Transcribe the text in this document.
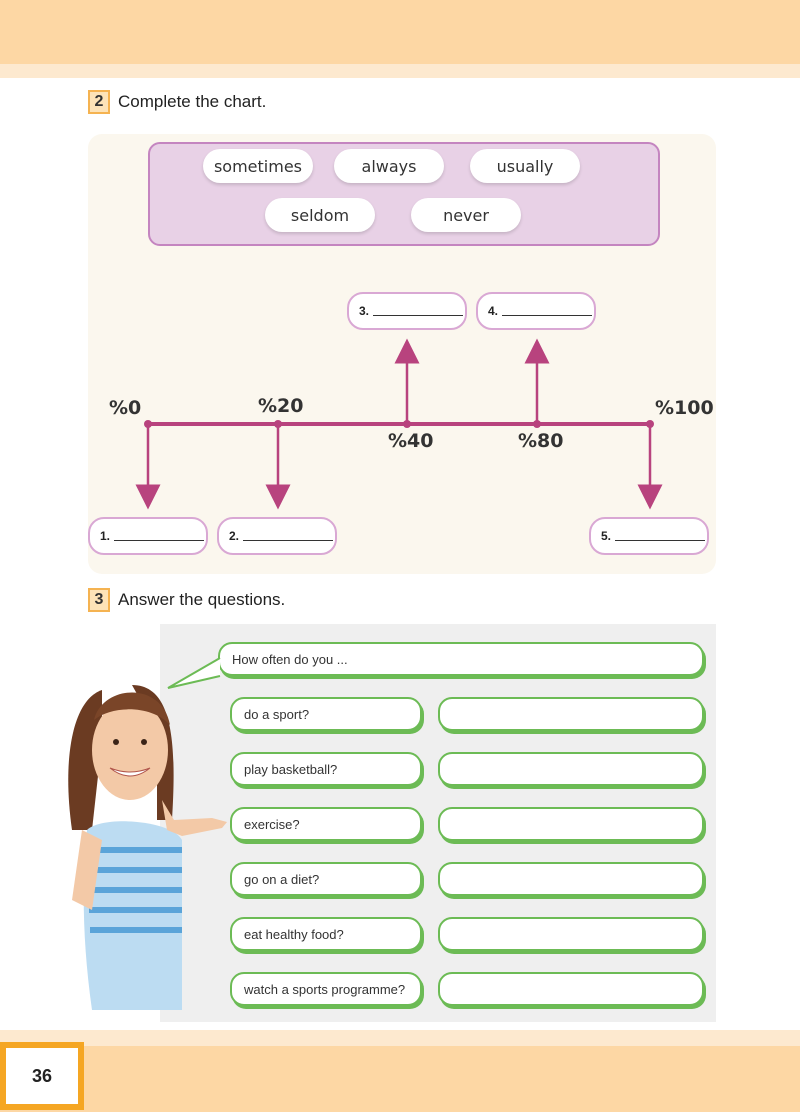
2 Complete the chart.
sometimes	always	usually
seldom	never
%0	%20
%40	%80
%100
3.	4.
1.	2.	5.
3 Answer the questions.
How often do you ...
do a sport?
play basketball?
exercise?
go on a diet?
eat healthy food?
watch a sports programme?
36
